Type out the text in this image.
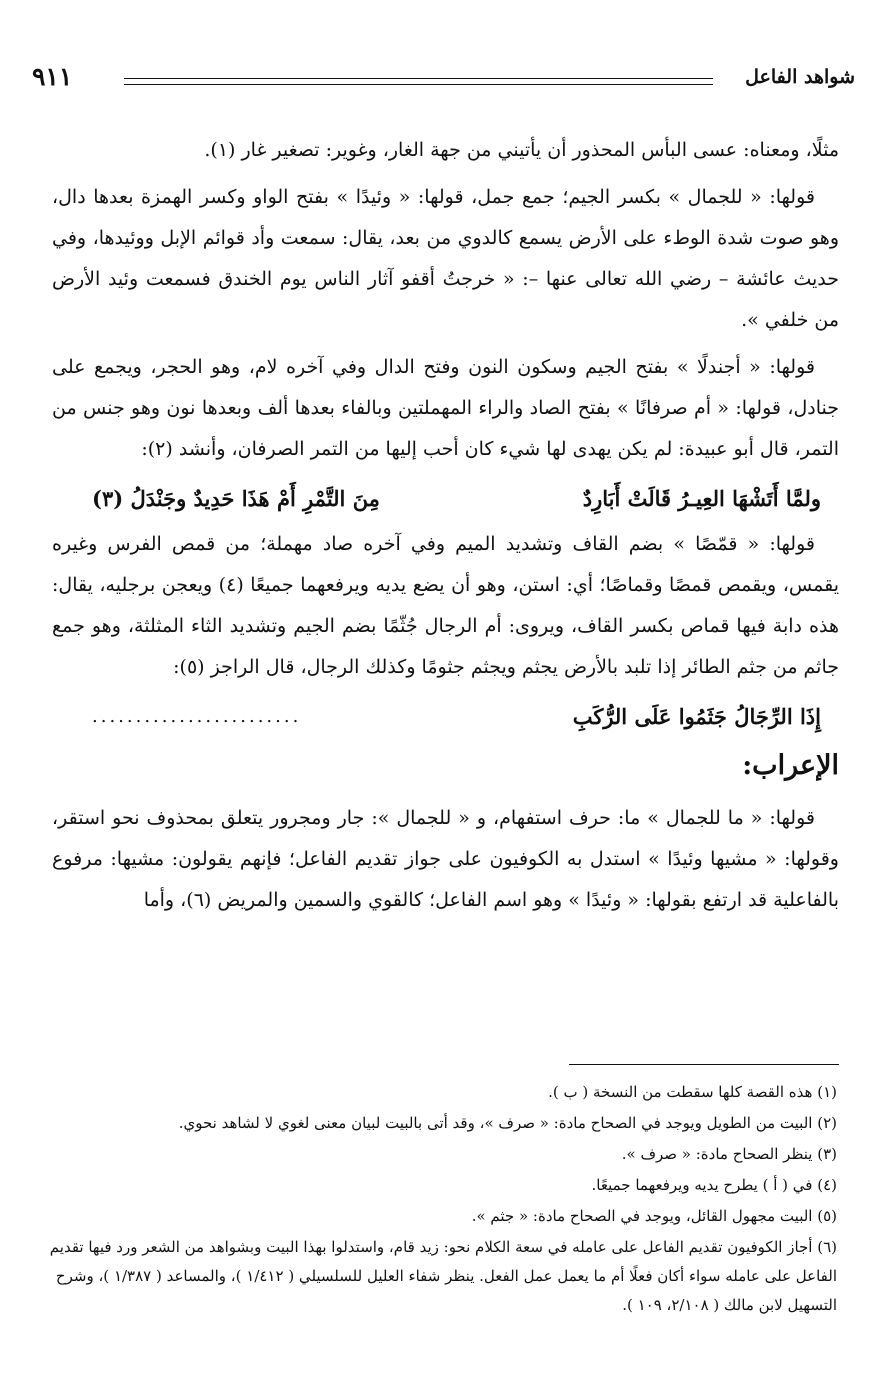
شواهد الفاعل
٩١١

مثلًا، ومعناه: عسى البأس المحذور أن يأتيني من جهة الغار، وغوير: تصغير غار (١).

قولها: « للجمال » بكسر الجيم؛ جمع جمل، قولها: « وئيدًا » بفتح الواو وكسر الهمزة بعدها دال، وهو صوت شدة الوطء على الأرض يسمع كالدوي من بعد، يقال: سمعت وأد قوائم الإبل ووئيدها، وفي حديث عائشة – رضي الله تعالى عنها –: « خرجتُ أقفو آثار الناس يوم الخندق فسمعت وئيد الأرض من خلفي ».

قولها: « أجندلًا » بفتح الجيم وسكون النون وفتح الدال وفي آخره لام، وهو الحجر، ويجمع على جنادل، قولها: « أم صرفانًا » بفتح الصاد والراء المهملتين وبالفاء بعدها ألف وبعدها نون وهو جنس من التمر، قال أبو عبيدة: لم يكن يهدى لها شيء كان أحب إليها من التمر الصرفان، وأنشد (٢):

ولمَّا أَتَشْهَا العِيـرُ قَالَتْ أَبَارِدٌ
مِنَ التَّمْرِ أَمْ هَذَا حَدِيدٌ وجَنْدَلُ (٣)

قولها: « قمّصًا » بضم القاف وتشديد الميم وفي آخره صاد مهملة؛ من قمص الفرس وغيره يقمس، ويقمص قمصًا وقماصًا؛ أي: استن، وهو أن يضع يديه ويرفعهما جميعًا (٤) ويعجن برجليه، يقال: هذه دابة فيها قماص بكسر القاف، ويروى: أم الرجال جُثّمًا بضم الجيم وتشديد الثاء المثلثة، وهو جمع جاثم من جثم الطائر إذا تلبد بالأرض يجثم ويجثم جثومًا وكذلك الرجال، قال الراجز (٥):

إِذَا الرِّجَالُ جَثَمُوا عَلَى الرُّكَبِ
........................
الإعراب:

قولها: « ما للجمال » ما: حرف استفهام، و « للجمال »: جار ومجرور يتعلق بمحذوف نحو استقر، وقولها: « مشيها وئيدًا » استدل به الكوفيون على جواز تقديم الفاعل؛ فإنهم يقولون: مشيها: مرفوع بالفاعلية قد ارتفع بقولها: « وئيدًا » وهو اسم الفاعل؛ كالقوي والسمين والمريض (٦)، وأما

(١) هذه القصة كلها سقطت من النسخة ( ب ).

(٢) البيت من الطويل ويوجد في الصحاح مادة: « صرف »، وقد أتى بالبيت لبيان معنى لغوي لا لشاهد نحوي.

(٣) ينظر الصحاح مادة: « صرف ».

(٤) في ( أ ) يطرح يديه ويرفعهما جميعًا.

(٥) البيت مجهول القائل، ويوجد في الصحاح مادة: « جثم ».

(٦) أجاز الكوفيون تقديم الفاعل على عامله في سعة الكلام نحو: زيد قام، واستدلوا بهذا البيت وبشواهد من الشعر ورد فيها تقديم الفاعل على عامله سواء أكان فعلًا أم ما يعمل عمل الفعل. ينظر شفاء العليل للسلسيلي ( ١/٤١٢ )، والمساعد ( ١/٣٨٧ )، وشرح التسهيل لابن مالك ( ٢/١٠٨، ١٠٩ ).
